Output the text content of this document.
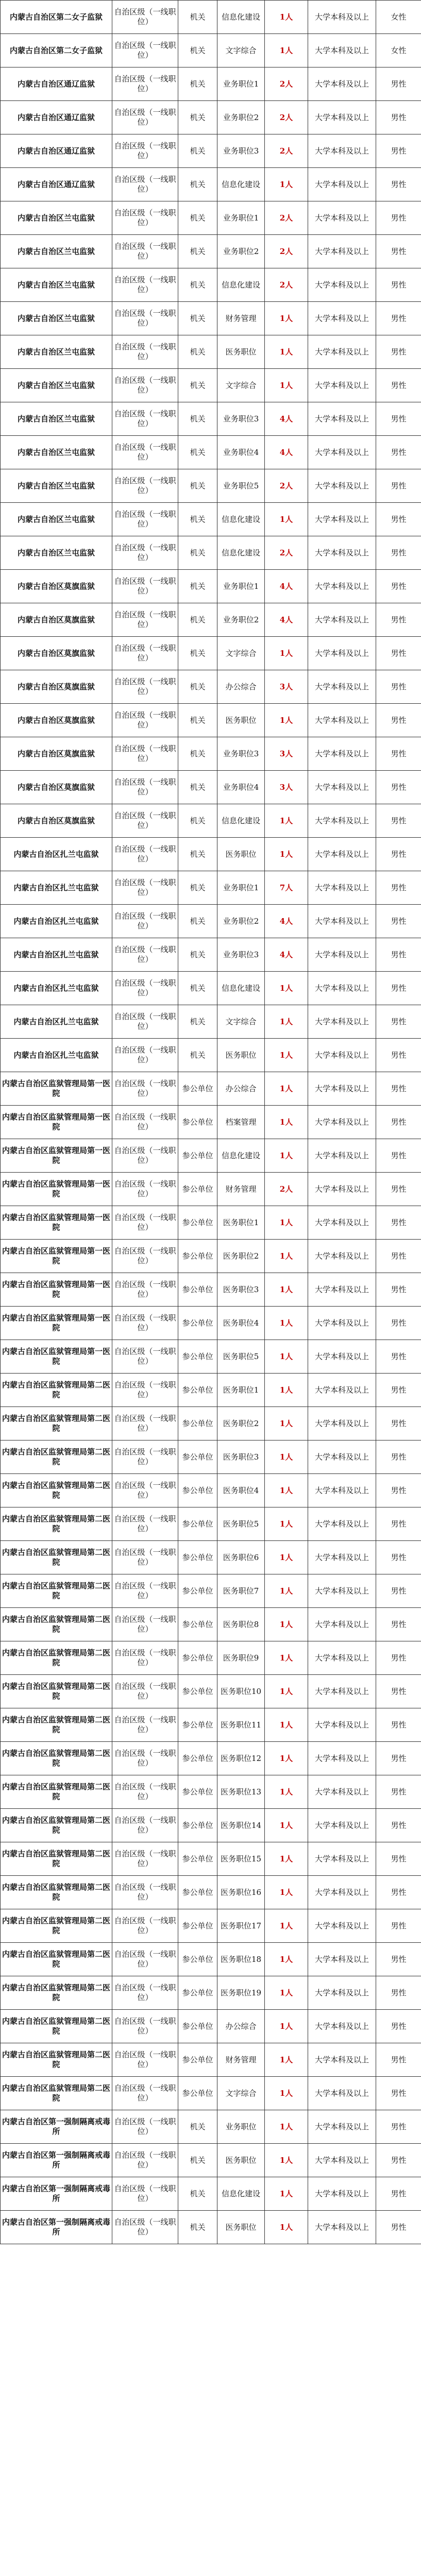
内蒙古自治区第二女子监狱	自治区级（一线职位）	机关	信息化建设	1人	大学本科及以上	女性
内蒙古自治区第二女子监狱	自治区级（一线职位）	机关	文字综合	1人	大学本科及以上	女性
内蒙古自治区通辽监狱	自治区级（一线职位）	机关	业务职位1	2人	大学本科及以上	男性
内蒙古自治区通辽监狱	自治区级（一线职位）	机关	业务职位2	2人	大学本科及以上	男性
内蒙古自治区通辽监狱	自治区级（一线职位）	机关	业务职位3	2人	大学本科及以上	男性
内蒙古自治区通辽监狱	自治区级（一线职位）	机关	信息化建设	1人	大学本科及以上	男性
内蒙古自治区兰屯监狱	自治区级（一线职位）	机关	业务职位1	2人	大学本科及以上	男性
内蒙古自治区兰屯监狱	自治区级（一线职位）	机关	业务职位2	2人	大学本科及以上	男性
内蒙古自治区兰屯监狱	自治区级（一线职位）	机关	信息化建设	2人	大学本科及以上	男性
内蒙古自治区兰屯监狱	自治区级（一线职位）	机关	财务管理	1人	大学本科及以上	男性
内蒙古自治区兰屯监狱	自治区级（一线职位）	机关	医务职位	1人	大学本科及以上	男性
内蒙古自治区兰屯监狱	自治区级（一线职位）	机关	文字综合	1人	大学本科及以上	男性
内蒙古自治区兰屯监狱	自治区级（一线职位）	机关	业务职位3	4人	大学本科及以上	男性
内蒙古自治区兰屯监狱	自治区级（一线职位）	机关	业务职位4	4人	大学本科及以上	男性
内蒙古自治区兰屯监狱	自治区级（一线职位）	机关	业务职位5	2人	大学本科及以上	男性
内蒙古自治区兰屯监狱	自治区级（一线职位）	机关	信息化建设	1人	大学本科及以上	男性
内蒙古自治区兰屯监狱	自治区级（一线职位）	机关	信息化建设	2人	大学本科及以上	男性
内蒙古自治区莫旗监狱	自治区级（一线职位）	机关	业务职位1	4人	大学本科及以上	男性
内蒙古自治区莫旗监狱	自治区级（一线职位）	机关	业务职位2	4人	大学本科及以上	男性
内蒙古自治区莫旗监狱	自治区级（一线职位）	机关	文字综合	1人	大学本科及以上	男性
内蒙古自治区莫旗监狱	自治区级（一线职位）	机关	办公综合	3人	大学本科及以上	男性
内蒙古自治区莫旗监狱	自治区级（一线职位）	机关	医务职位	1人	大学本科及以上	男性
内蒙古自治区莫旗监狱	自治区级（一线职位）	机关	业务职位3	3人	大学本科及以上	男性
内蒙古自治区莫旗监狱	自治区级（一线职位）	机关	业务职位4	3人	大学本科及以上	男性
内蒙古自治区莫旗监狱	自治区级（一线职位）	机关	信息化建设	1人	大学本科及以上	男性
内蒙古自治区扎兰屯监狱	自治区级（一线职位）	机关	医务职位	1人	大学本科及以上	男性
内蒙古自治区扎兰屯监狱	自治区级（一线职位）	机关	业务职位1	7人	大学本科及以上	男性
内蒙古自治区扎兰屯监狱	自治区级（一线职位）	机关	业务职位2	4人	大学本科及以上	男性
内蒙古自治区扎兰屯监狱	自治区级（一线职位）	机关	业务职位3	4人	大学本科及以上	男性
内蒙古自治区扎兰屯监狱	自治区级（一线职位）	机关	信息化建设	1人	大学本科及以上	男性
内蒙古自治区扎兰屯监狱	自治区级（一线职位）	机关	文字综合	1人	大学本科及以上	男性
内蒙古自治区扎兰屯监狱	自治区级（一线职位）	机关	医务职位	1人	大学本科及以上	男性
内蒙古自治区监狱管理局第一医院	自治区级（一线职位）	参公单位	办公综合	1人	大学本科及以上	男性
内蒙古自治区监狱管理局第一医院	自治区级（一线职位）	参公单位	档案管理	1人	大学本科及以上	男性
内蒙古自治区监狱管理局第一医院	自治区级（一线职位）	参公单位	信息化建设	1人	大学本科及以上	男性
内蒙古自治区监狱管理局第一医院	自治区级（一线职位）	参公单位	财务管理	2人	大学本科及以上	男性
内蒙古自治区监狱管理局第一医院	自治区级（一线职位）	参公单位	医务职位1	1人	大学本科及以上	男性
内蒙古自治区监狱管理局第一医院	自治区级（一线职位）	参公单位	医务职位2	1人	大学本科及以上	男性
内蒙古自治区监狱管理局第一医院	自治区级（一线职位）	参公单位	医务职位3	1人	大学本科及以上	男性
内蒙古自治区监狱管理局第一医院	自治区级（一线职位）	参公单位	医务职位4	1人	大学本科及以上	男性
内蒙古自治区监狱管理局第一医院	自治区级（一线职位）	参公单位	医务职位5	1人	大学本科及以上	男性
内蒙古自治区监狱管理局第二医院	自治区级（一线职位）	参公单位	医务职位1	1人	大学本科及以上	男性
内蒙古自治区监狱管理局第二医院	自治区级（一线职位）	参公单位	医务职位2	1人	大学本科及以上	男性
内蒙古自治区监狱管理局第二医院	自治区级（一线职位）	参公单位	医务职位3	1人	大学本科及以上	男性
内蒙古自治区监狱管理局第二医院	自治区级（一线职位）	参公单位	医务职位4	1人	大学本科及以上	男性
内蒙古自治区监狱管理局第二医院	自治区级（一线职位）	参公单位	医务职位5	1人	大学本科及以上	男性
内蒙古自治区监狱管理局第二医院	自治区级（一线职位）	参公单位	医务职位6	1人	大学本科及以上	男性
内蒙古自治区监狱管理局第二医院	自治区级（一线职位）	参公单位	医务职位7	1人	大学本科及以上	男性
内蒙古自治区监狱管理局第二医院	自治区级（一线职位）	参公单位	医务职位8	1人	大学本科及以上	男性
内蒙古自治区监狱管理局第二医院	自治区级（一线职位）	参公单位	医务职位9	1人	大学本科及以上	男性
内蒙古自治区监狱管理局第二医院	自治区级（一线职位）	参公单位	医务职位10	1人	大学本科及以上	男性
内蒙古自治区监狱管理局第二医院	自治区级（一线职位）	参公单位	医务职位11	1人	大学本科及以上	男性
内蒙古自治区监狱管理局第二医院	自治区级（一线职位）	参公单位	医务职位12	1人	大学本科及以上	男性
内蒙古自治区监狱管理局第二医院	自治区级（一线职位）	参公单位	医务职位13	1人	大学本科及以上	男性
内蒙古自治区监狱管理局第二医院	自治区级（一线职位）	参公单位	医务职位14	1人	大学本科及以上	男性
内蒙古自治区监狱管理局第二医院	自治区级（一线职位）	参公单位	医务职位15	1人	大学本科及以上	男性
内蒙古自治区监狱管理局第二医院	自治区级（一线职位）	参公单位	医务职位16	1人	大学本科及以上	男性
内蒙古自治区监狱管理局第二医院	自治区级（一线职位）	参公单位	医务职位17	1人	大学本科及以上	男性
内蒙古自治区监狱管理局第二医院	自治区级（一线职位）	参公单位	医务职位18	1人	大学本科及以上	男性
内蒙古自治区监狱管理局第二医院	自治区级（一线职位）	参公单位	医务职位19	1人	大学本科及以上	男性
内蒙古自治区监狱管理局第二医院	自治区级（一线职位）	参公单位	办公综合	1人	大学本科及以上	男性
内蒙古自治区监狱管理局第二医院	自治区级（一线职位）	参公单位	财务管理	1人	大学本科及以上	男性
内蒙古自治区监狱管理局第二医院	自治区级（一线职位）	参公单位	文字综合	1人	大学本科及以上	男性
内蒙古自治区第一强制隔离戒毒所	自治区级（一线职位）	机关	业务职位	1人	大学本科及以上	男性
内蒙古自治区第一强制隔离戒毒所	自治区级（一线职位）	机关	医务职位	1人	大学本科及以上	男性
内蒙古自治区第一强制隔离戒毒所	自治区级（一线职位）	机关	信息化建设	1人	大学本科及以上	男性
内蒙古自治区第一强制隔离戒毒所	自治区级（一线职位）	机关	医务职位	1人	大学本科及以上	男性
